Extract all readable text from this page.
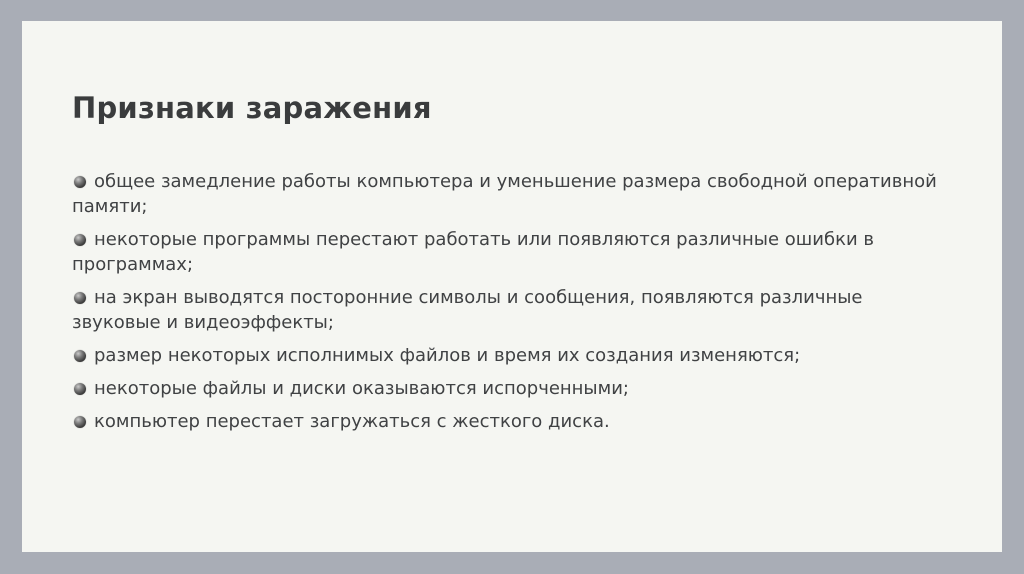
Признаки заражения
общее замедление работы компьютера и уменьшение размера свободной оперативной памяти;
некоторые программы перестают работать или появляются различные ошибки в программах;
на экран выводятся посторонние символы и сообщения, появляются различные звуковые и видеоэффекты;
размер некоторых исполнимых файлов и время их создания изменяются;
некоторые файлы и диски оказываются испорченными;
компьютер перестает загружаться с жесткого диска.
